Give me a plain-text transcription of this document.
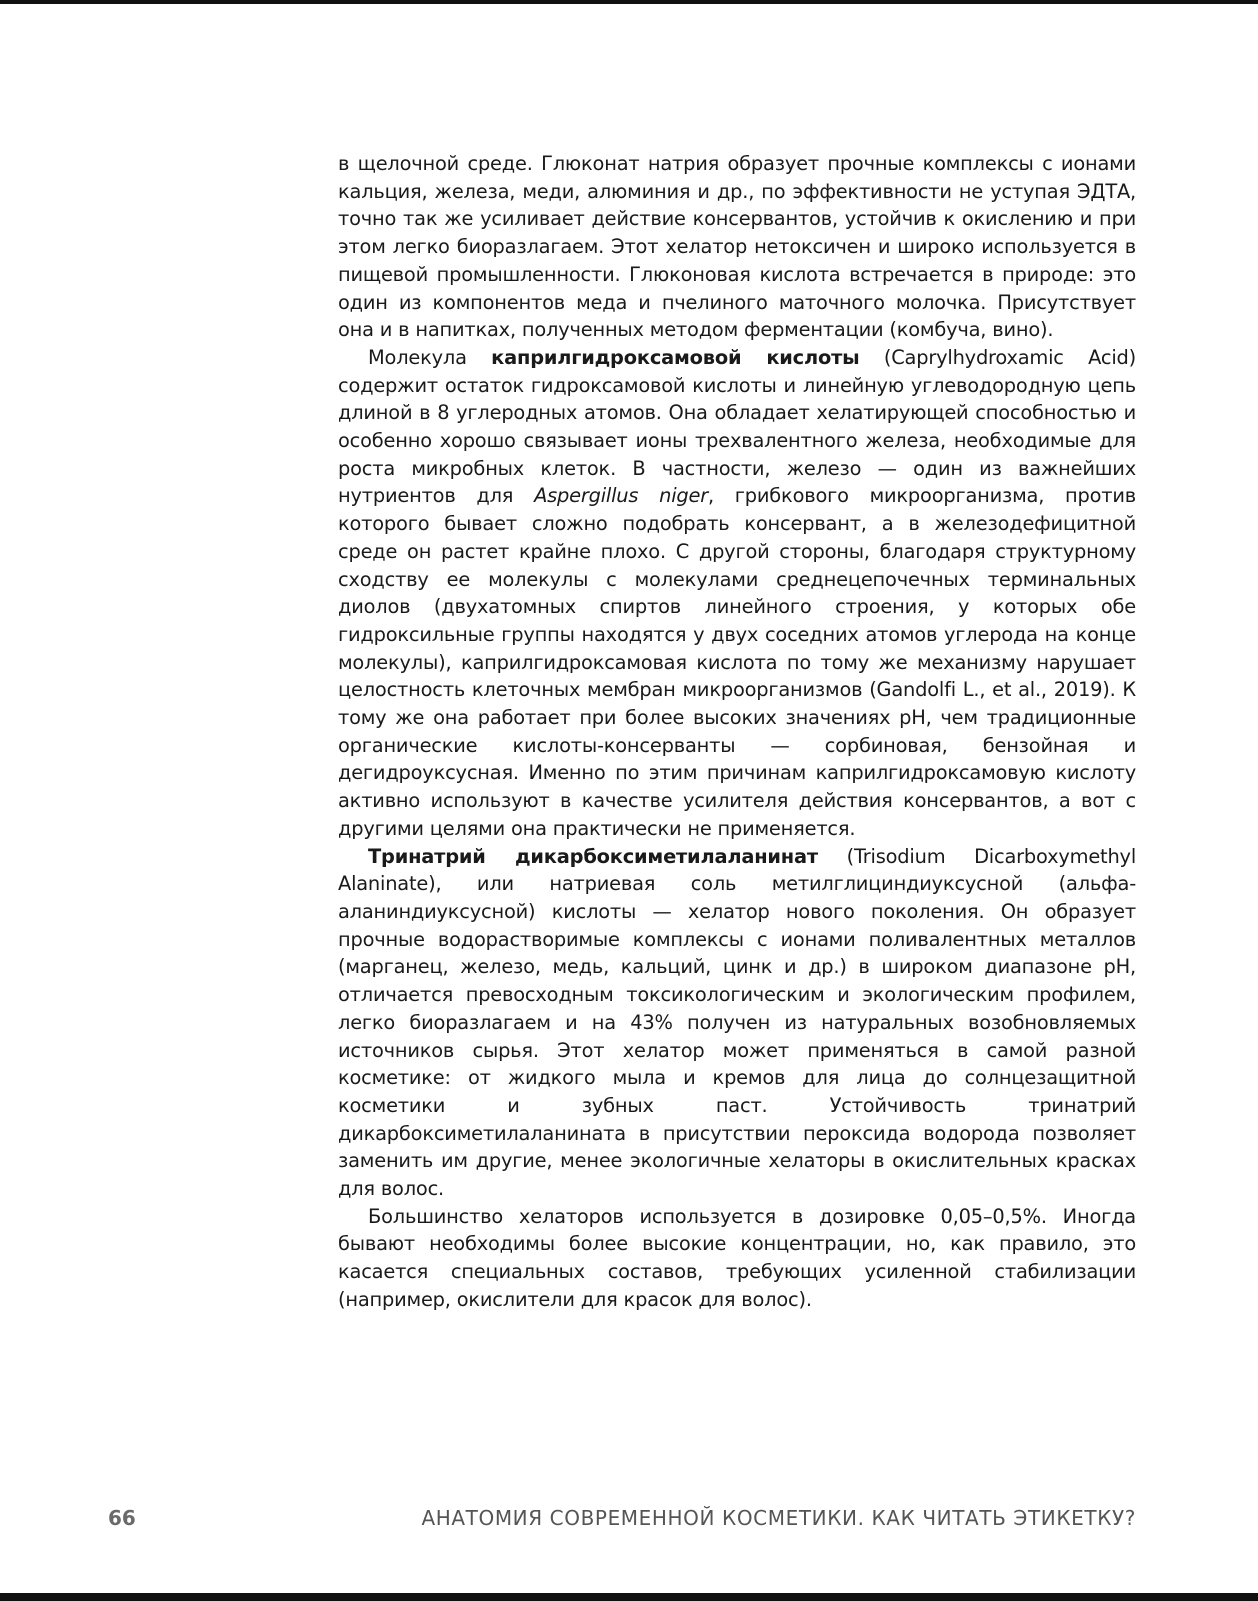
в щелочной среде. Глюконат натрия образует прочные комплексы с ионами кальция, железа, меди, алюминия и др., по эффективности не уступая ЭДТА, точно так же усиливает действие консервантов, устойчив к окислению и при этом легко биоразлагаем. Этот хелатор нетоксичен и широко используется в пищевой промышленности. Глюконовая кислота встречается в природе: это один из компонентов меда и пчелиного маточного молочка. Присутствует она и в напитках, полученных методом ферментации (комбуча, вино).

Молекула каприлгидроксамовой кислоты (Caprylhydroxamic Acid) содержит остаток гидроксамовой кислоты и линейную углеводородную цепь длиной в 8 углеродных атомов. Она обладает хелатирующей способностью и особенно хорошо связывает ионы трехвалентного железа, необходимые для роста микробных клеток. В частности, железо — один из важнейших нутриентов для Aspergillus niger, грибкового микроорганизма, против которого бывает сложно подобрать консервант, а в железодефицитной среде он растет крайне плохо. С другой стороны, благодаря структурному сходству ее молекулы с молекулами среднецепочечных терминальных диолов (двухатомных спиртов линейного строения, у которых обе гидроксильные группы находятся у двух соседних атомов углерода на конце молекулы), каприлгидроксамовая кислота по тому же механизму нарушает целостность клеточных мембран микроорганизмов (Gandolfi L., et al., 2019). К тому же она работает при более высоких значениях pH, чем традиционные органические кислоты-консерванты — сорбиновая, бензойная и дегидроуксусная. Именно по этим причинам каприлгидроксамовую кислоту активно используют в качестве усилителя действия консервантов, а вот с другими целями она практически не применяется.

Тринатрий дикарбоксиметилаланинат (Trisodium Dicarboxymethyl Alaninate), или натриевая соль метилглициндиуксусной (альфа-аланиндиуксусной) кислоты — хелатор нового поколения. Он образует прочные водорастворимые комплексы с ионами поливалентных металлов (марганец, железо, медь, кальций, цинк и др.) в широком диапазоне pH, отличается превосходным токсикологическим и экологическим профилем, легко биоразлагаем и на 43% получен из натуральных возобновляемых источников сырья. Этот хелатор может применяться в самой разной косметике: от жидкого мыла и кремов для лица до солнцезащитной косметики и зубных паст. Устойчивость тринатрий дикарбоксиметилаланината в присутствии пероксида водорода позволяет заменить им другие, менее экологичные хелаторы в окислительных красках для волос.

Большинство хелаторов используется в дозировке 0,05–0,5%. Иногда бывают необходимы более высокие концентрации, но, как правило, это касается специальных составов, требующих усиленной стабилизации (например, окислители для красок для волос).

66	АНАТОМИЯ СОВРЕМЕННОЙ КОСМЕТИКИ. КАК ЧИТАТЬ ЭТИКЕТКУ?
